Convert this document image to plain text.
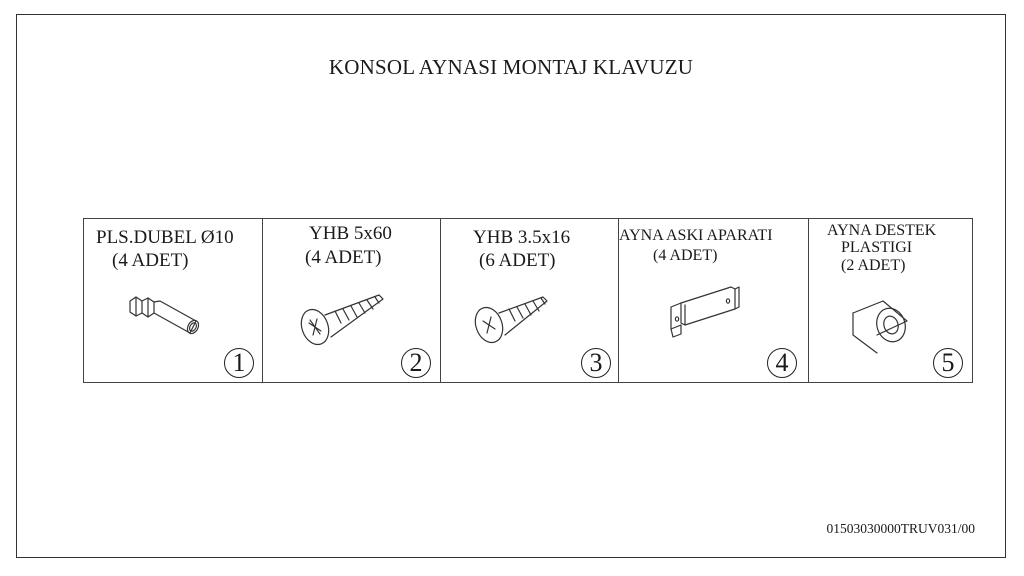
KONSOL AYNASI MONTAJ KLAVUZU
PLS.DUBEL Ø10
(4 ADET)
1
YHB 5x60
(4 ADET)
2
YHB 3.5x16
(6 ADET)
3
AYNA ASKI APARATI
(4 ADET)
4
AYNA DESTEK
PLASTIGI
(2 ADET)
5
01503030000TRUV031/00
